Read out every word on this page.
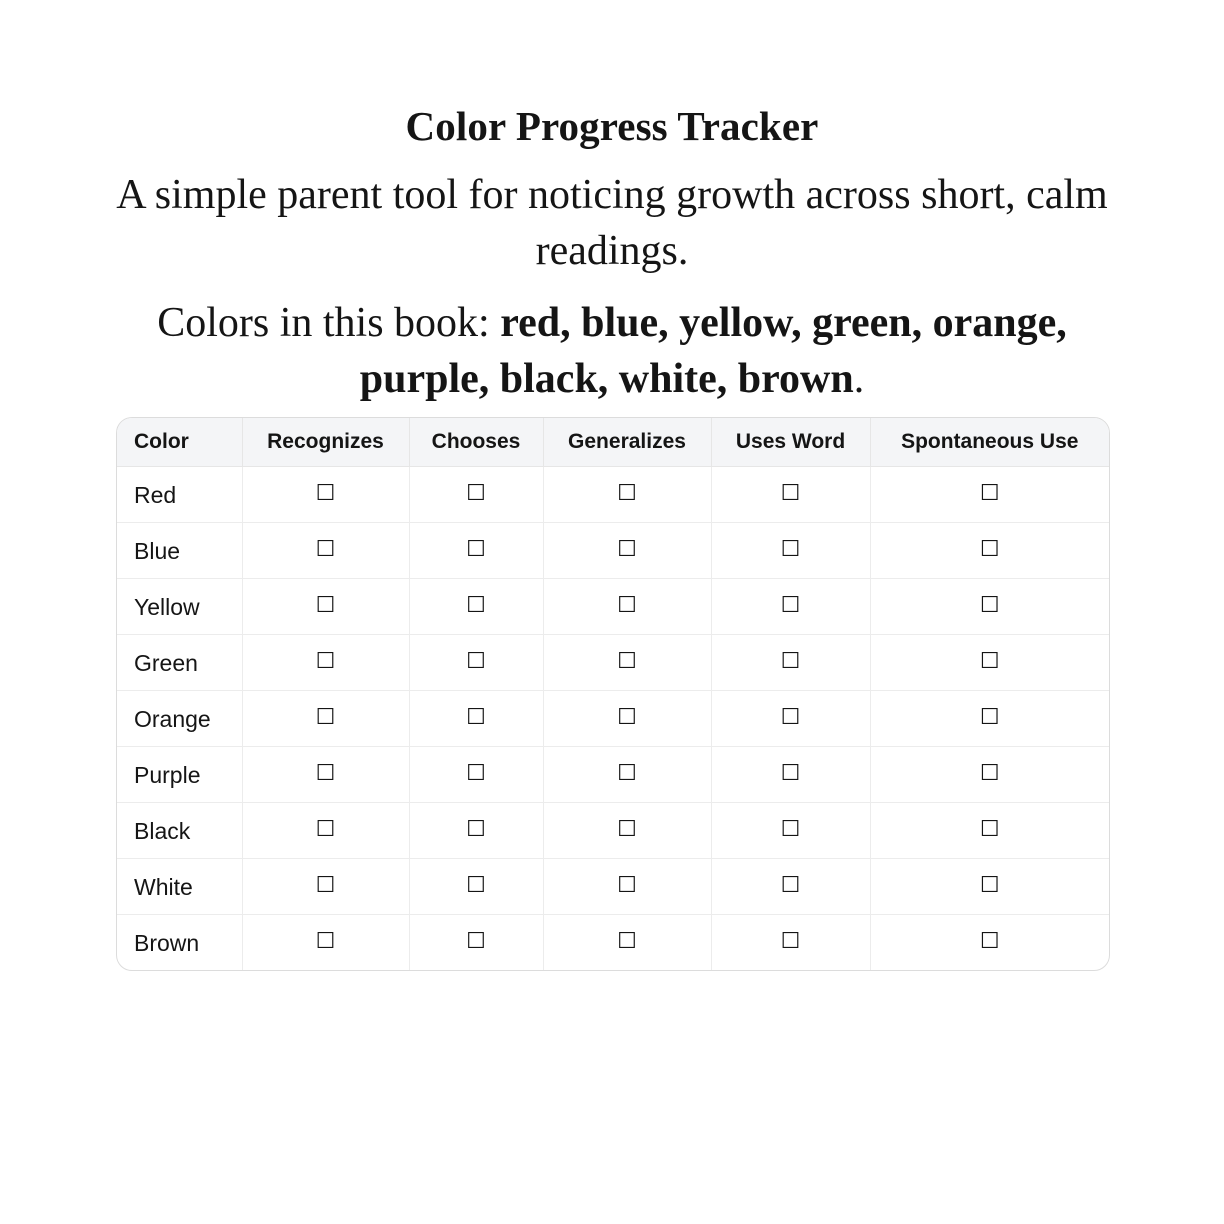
Color Progress Tracker

A simple parent tool for noticing growth across short, calm readings.

Colors in this book: red, blue, yellow, green, orange, purple, black, white, brown.

Color	Recognizes	Chooses	Generalizes	Uses Word	Spontaneous Use
Red	☐	☐	☐	☐	☐
Blue	☐	☐	☐	☐	☐
Yellow	☐	☐	☐	☐	☐
Green	☐	☐	☐	☐	☐
Orange	☐	☐	☐	☐	☐
Purple	☐	☐	☐	☐	☐
Black	☐	☐	☐	☐	☐
White	☐	☐	☐	☐	☐
Brown	☐	☐	☐	☐	☐
